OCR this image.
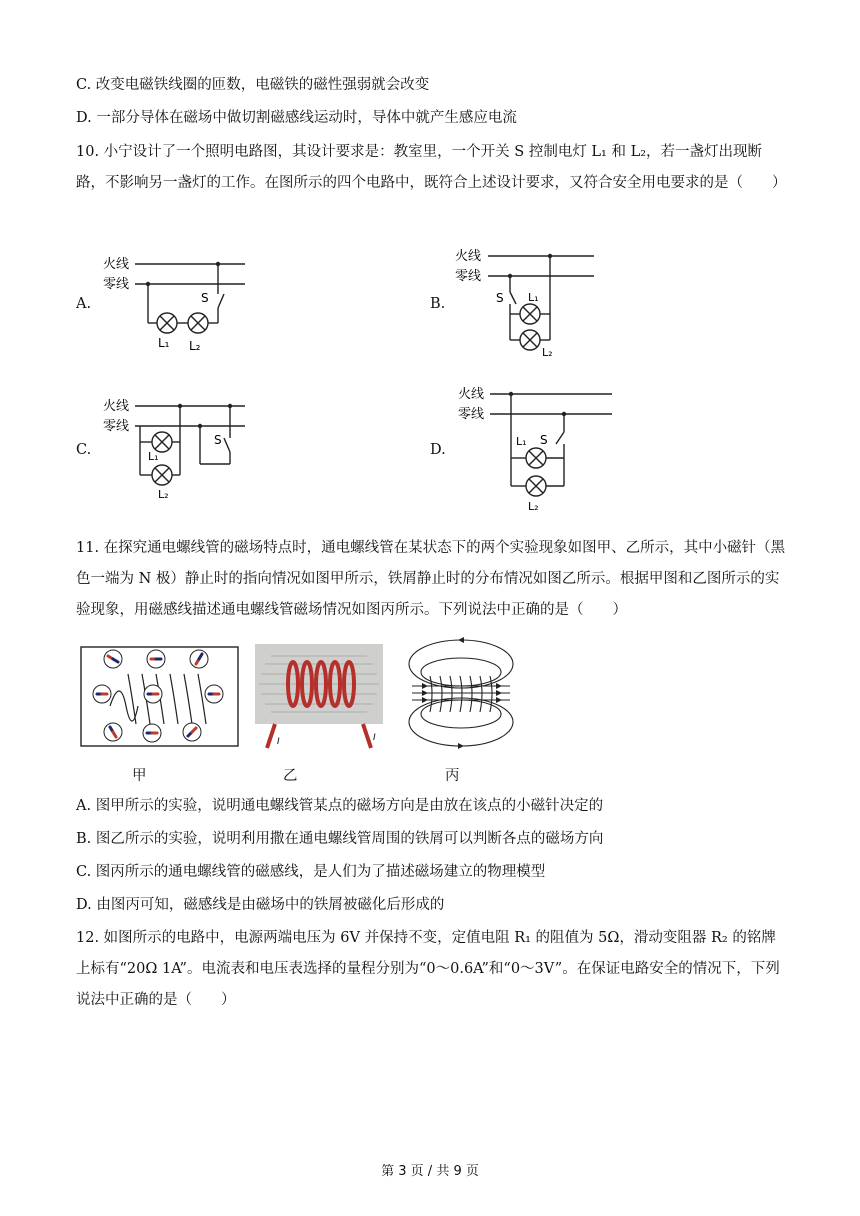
C. 改变电磁铁线圈的匝数，电磁铁的磁性强弱就会改变
D. 一部分导体在磁场中做切割磁感线运动时，导体中就产生感应电流
10. 小宁设计了一个照明电路图，其设计要求是：教室里，一个开关 S 控制电灯 L₁ 和 L₂，若一盏灯出现断路，不影响另一盏灯的工作。在图所示的四个电路中，既符合上述设计要求，又符合安全用电要求的是（　　）
A.	B.
C.	D.
火线
零线
S
L₁ L₂
火线
零线
S L₁
L₂
火线
零线
S
L₁
L₂
火线
零线
S
L₁
L₂
11. 在探究通电螺线管的磁场特点时，通电螺线管在某状态下的两个实验现象如图甲、乙所示，其中小磁针（黑色一端为 N 极）静止时的指向情况如图甲所示，铁屑静止时的分布情况如图乙所示。根据甲图和乙图所示的实验现象，用磁感线描述通电螺线管磁场情况如图丙所示。下列说法中正确的是（　　）
I	I
甲	乙	丙
A. 图甲所示的实验，说明通电螺线管某点的磁场方向是由放在该点的小磁针决定的
B. 图乙所示的实验，说明利用撒在通电螺线管周围的铁屑可以判断各点的磁场方向
C. 图丙所示的通电螺线管的磁感线，是人们为了描述磁场建立的物理模型
D. 由图丙可知，磁感线是由磁场中的铁屑被磁化后形成的
12. 如图所示的电路中，电源两端电压为 6V 并保持不变，定值电阻 R₁ 的阻值为 5Ω，滑动变阻器 R₂ 的铭牌上标有“20Ω 1A”。电流表和电压表选择的量程分别为“0～0.6A”和“0～3V”。在保证电路安全的情况下，下列说法中正确的是（　　）
第 3 页 / 共 9 页
